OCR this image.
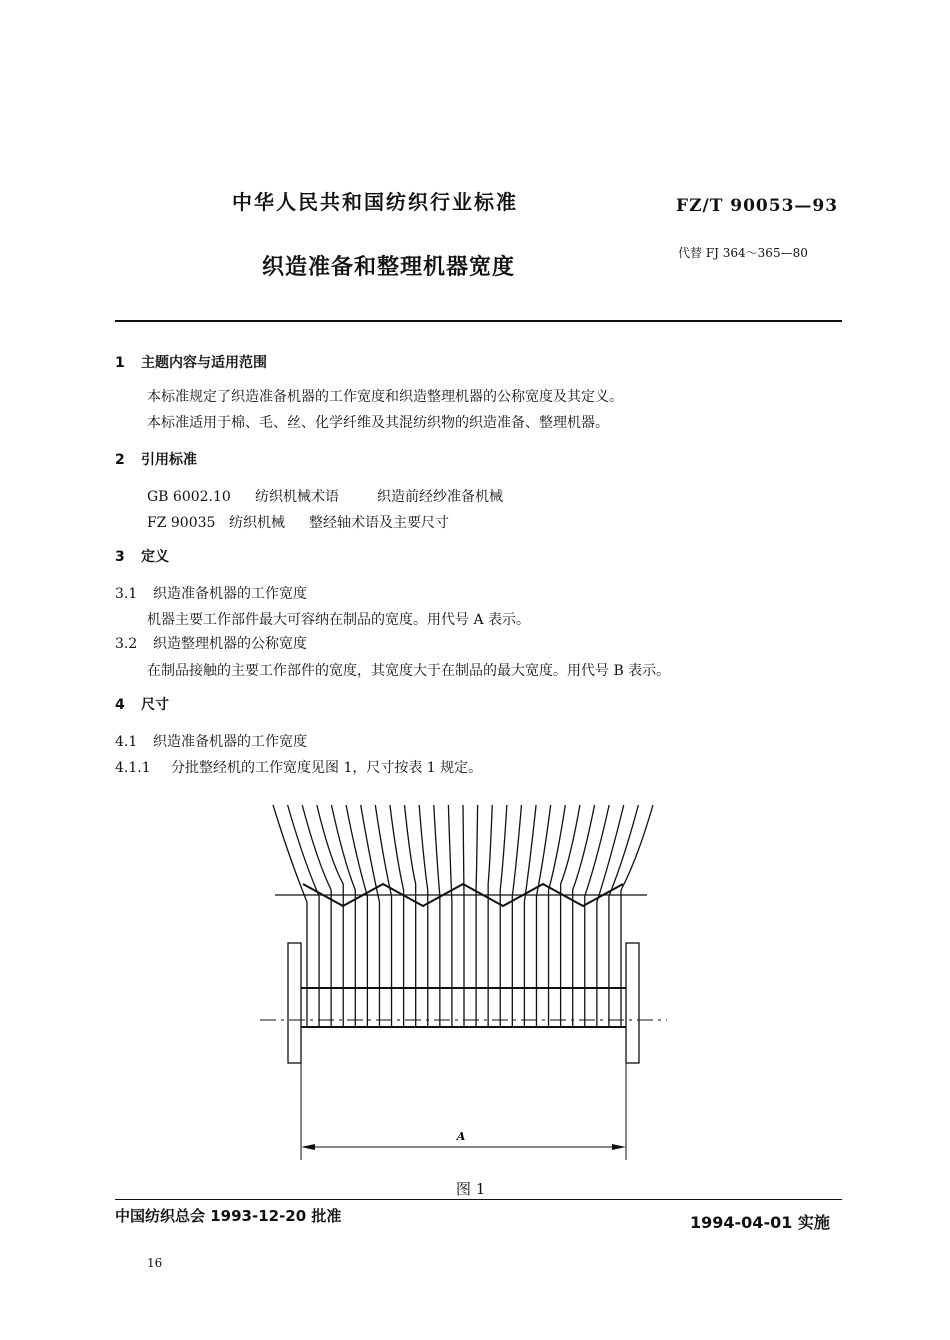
中华人民共和国纺织行业标准	FZ/T 90053—93
织造准备和整理机器宽度
代替 FJ 364～365—80
1 主题内容与适用范围
本标准规定了织造准备机器的工作宽度和织造整理机器的公称宽度及其定义。
本标准适用于棉、毛、丝、化学纤维及其混纺织物的织造准备、整理机器。
2 引用标准
GB 6002.10 纺织机械术语	织造前经纱准备机械
FZ 90035 纺织机械 整经轴术语及主要尺寸
3 定义
3.1 织造准备机器的工作宽度
机器主要工作部件最大可容纳在制品的宽度。用代号 A 表示。
3.2 织造整理机器的公称宽度
在制品接触的主要工作部件的宽度，其宽度大于在制品的最大宽度。用代号 B 表示。
4 尺寸
4.1 织造准备机器的工作宽度
4.1.1 分批整经机的工作宽度见图 1，尺寸按表 1 规定。
A
图 1
中国纺织总会 1993-12-20 批准	1994-04-01 实施
16
